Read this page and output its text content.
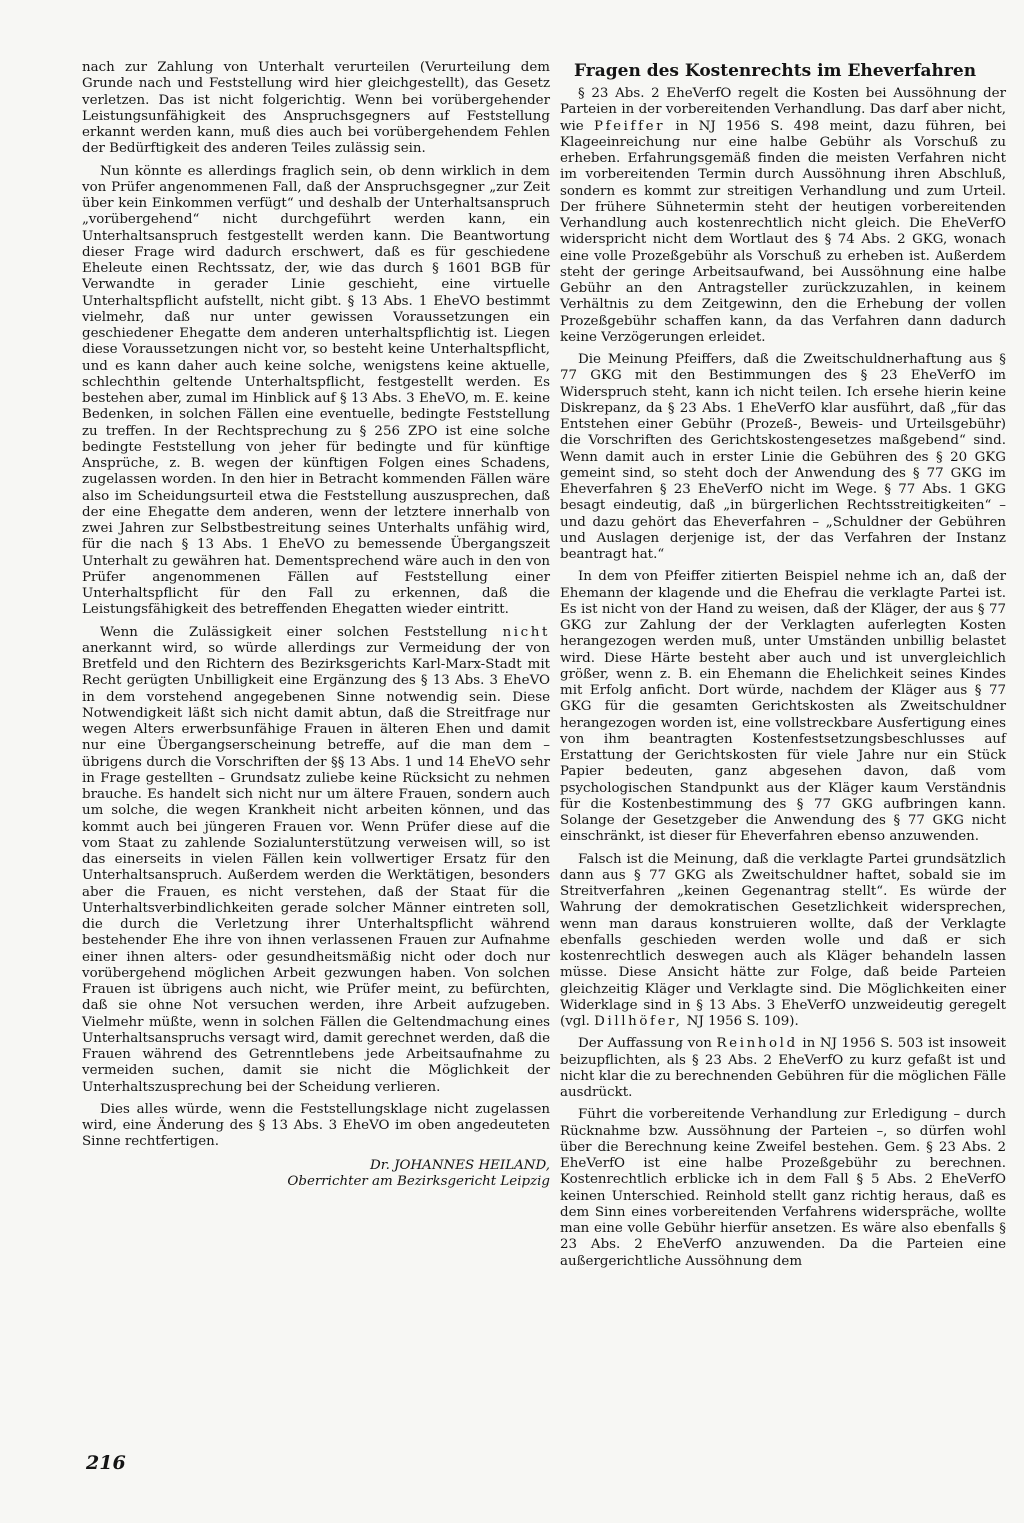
nach zur Zahlung von Unterhalt verurteilen (Verurteilung dem Grunde nach und Feststellung wird hier gleichgestellt), das Gesetz verletzen. Das ist nicht folgerichtig. Wenn bei vorübergehender Leistungsunfähigkeit des Anspruchsgegners auf Feststellung erkannt werden kann, muß dies auch bei vorübergehendem Fehlen der Bedürftigkeit des anderen Teiles zulässig sein.

Nun könnte es allerdings fraglich sein, ob denn wirklich in dem von Prüfer angenommenen Fall, daß der Anspruchsgegner „zur Zeit über kein Einkommen verfügt“ und deshalb der Unterhaltsanspruch „vorübergehend“ nicht durchgeführt werden kann, ein Unterhaltsanspruch festgestellt werden kann. Die Beantwortung dieser Frage wird dadurch erschwert, daß es für geschiedene Eheleute einen Rechtssatz, der, wie das durch § 1601 BGB für Verwandte in gerader Linie geschieht, eine virtuelle Unterhaltspflicht aufstellt, nicht gibt. § 13 Abs. 1 EheVO bestimmt vielmehr, daß nur unter gewissen Voraussetzungen ein geschiedener Ehegatte dem anderen unterhaltspflichtig ist. Liegen diese Voraussetzungen nicht vor, so besteht keine Unterhaltspflicht, und es kann daher auch keine solche, wenigstens keine aktuelle, schlechthin geltende Unterhaltspflicht, festgestellt werden. Es bestehen aber, zumal im Hinblick auf § 13 Abs. 3 EheVO, m. E. keine Bedenken, in solchen Fällen eine eventuelle, bedingte Feststellung zu treffen. In der Rechtsprechung zu § 256 ZPO ist eine solche bedingte Feststellung von jeher für bedingte und für künftige Ansprüche, z. B. wegen der künftigen Folgen eines Schadens, zugelassen worden. In den hier in Betracht kommenden Fällen wäre also im Scheidungsurteil etwa die Feststellung auszusprechen, daß der eine Ehegatte dem anderen, wenn der letztere innerhalb von zwei Jahren zur Selbstbestreitung seines Unterhalts unfähig wird, für die nach § 13 Abs. 1 EheVO zu bemessende Übergangszeit Unterhalt zu gewähren hat. Dementsprechend wäre auch in den von Prüfer angenommenen Fällen auf Feststellung einer Unterhaltspflicht für den Fall zu erkennen, daß die Leistungsfähigkeit des betreffenden Ehegatten wieder eintritt.

Wenn die Zulässigkeit einer solchen Feststellung nicht anerkannt wird, so würde allerdings zur Vermeidung der von Bretfeld und den Richtern des Bezirksgerichts Karl-Marx-Stadt mit Recht gerügten Unbilligkeit eine Ergänzung des § 13 Abs. 3 EheVO in dem vorstehend angegebenen Sinne notwendig sein. Diese Notwendigkeit läßt sich nicht damit abtun, daß die Streitfrage nur wegen Alters erwerbsunfähige Frauen in älteren Ehen und damit nur eine Übergangserscheinung betreffe, auf die man dem – übrigens durch die Vorschriften der §§ 13 Abs. 1 und 14 EheVO sehr in Frage gestellten – Grundsatz zuliebe keine Rücksicht zu nehmen brauche. Es handelt sich nicht nur um ältere Frauen, sondern auch um solche, die wegen Krankheit nicht arbeiten können, und das kommt auch bei jüngeren Frauen vor. Wenn Prüfer diese auf die vom Staat zu zahlende Sozialunterstützung verweisen will, so ist das einerseits in vielen Fällen kein vollwertiger Ersatz für den Unterhaltsanspruch. Außerdem werden die Werktätigen, besonders aber die Frauen, es nicht verstehen, daß der Staat für die Unterhaltsverbindlichkeiten gerade solcher Männer eintreten soll, die durch die Verletzung ihrer Unterhaltspflicht während bestehender Ehe ihre von ihnen verlassenen Frauen zur Aufnahme einer ihnen alters- oder gesundheitsmäßig nicht oder doch nur vorübergehend möglichen Arbeit gezwungen haben. Von solchen Frauen ist übrigens auch nicht, wie Prüfer meint, zu befürchten, daß sie ohne Not versuchen werden, ihre Arbeit aufzugeben. Vielmehr müßte, wenn in solchen Fällen die Geltendmachung eines Unterhaltsanspruchs versagt wird, damit gerechnet werden, daß die Frauen während des Getrenntlebens jede Arbeitsaufnahme zu vermeiden suchen, damit sie nicht die Möglichkeit der Unterhaltszusprechung bei der Scheidung verlieren.

Dies alles würde, wenn die Feststellungsklage nicht zugelassen wird, eine Änderung des § 13 Abs. 3 EheVO im oben angedeuteten Sinne rechtfertigen.

Dr. JOHANNES HEILAND,
Oberrichter am Bezirksgericht Leipzig
Fragen des Kostenrechts im Eheverfahren

§ 23 Abs. 2 EheVerfO regelt die Kosten bei Aussöhnung der Parteien in der vorbereitenden Verhandlung. Das darf aber nicht, wie Pfeiffer in NJ 1956 S. 498 meint, dazu führen, bei Klageeinreichung nur eine halbe Gebühr als Vorschuß zu erheben. Erfahrungsgemäß finden die meisten Verfahren nicht im vorbereitenden Termin durch Aussöhnung ihren Abschluß, sondern es kommt zur streitigen Verhandlung und zum Urteil. Der frühere Sühnetermin steht der heutigen vorbereitenden Verhandlung auch kostenrechtlich nicht gleich. Die EheVerfO widerspricht nicht dem Wortlaut des § 74 Abs. 2 GKG, wonach eine volle Prozeßgebühr als Vorschuß zu erheben ist. Außerdem steht der geringe Arbeitsaufwand, bei Aussöhnung eine halbe Gebühr an den Antragsteller zurückzuzahlen, in keinem Verhältnis zu dem Zeitgewinn, den die Erhebung der vollen Prozeßgebühr schaffen kann, da das Verfahren dann dadurch keine Verzögerungen erleidet.

Die Meinung Pfeiffers, daß die Zweitschuldnerhaftung aus § 77 GKG mit den Bestimmungen des § 23 EheVerfO im Widerspruch steht, kann ich nicht teilen. Ich ersehe hierin keine Diskrepanz, da § 23 Abs. 1 EheVerfO klar ausführt, daß „für das Entstehen einer Gebühr (Prozeß-, Beweis- und Urteilsgebühr) die Vorschriften des Gerichtskostengesetzes maßgebend“ sind. Wenn damit auch in erster Linie die Gebühren des § 20 GKG gemeint sind, so steht doch der Anwendung des § 77 GKG im Eheverfahren § 23 EheVerfO nicht im Wege. § 77 Abs. 1 GKG besagt eindeutig, daß „in bürgerlichen Rechtsstreitigkeiten“ – und dazu gehört das Eheverfahren – „Schuldner der Gebühren und Auslagen derjenige ist, der das Verfahren der Instanz beantragt hat.“

In dem von Pfeiffer zitierten Beispiel nehme ich an, daß der Ehemann der klagende und die Ehefrau die verklagte Partei ist. Es ist nicht von der Hand zu weisen, daß der Kläger, der aus § 77 GKG zur Zahlung der der Verklagten auferlegten Kosten herangezogen werden muß, unter Umständen unbillig belastet wird. Diese Härte besteht aber auch und ist unvergleichlich größer, wenn z. B. ein Ehemann die Ehelichkeit seines Kindes mit Erfolg anficht. Dort würde, nachdem der Kläger aus § 77 GKG für die gesamten Gerichtskosten als Zweitschuldner herangezogen worden ist, eine vollstreckbare Ausfertigung eines von ihm beantragten Kostenfestsetzungsbeschlusses auf Erstattung der Gerichtskosten für viele Jahre nur ein Stück Papier bedeuten, ganz abgesehen davon, daß vom psychologischen Standpunkt aus der Kläger kaum Verständnis für die Kostenbestimmung des § 77 GKG aufbringen kann. Solange der Gesetzgeber die Anwendung des § 77 GKG nicht einschränkt, ist dieser für Eheverfahren ebenso anzuwenden.

Falsch ist die Meinung, daß die verklagte Partei grundsätzlich dann aus § 77 GKG als Zweitschuldner haftet, sobald sie im Streitverfahren „keinen Gegenantrag stellt“. Es würde der Wahrung der demokratischen Gesetzlichkeit widersprechen, wenn man daraus konstruieren wollte, daß der Verklagte ebenfalls geschieden werden wolle und daß er sich kostenrechtlich deswegen auch als Kläger behandeln lassen müsse. Diese Ansicht hätte zur Folge, daß beide Parteien gleichzeitig Kläger und Verklagte sind. Die Möglichkeiten einer Widerklage sind in § 13 Abs. 3 EheVerfO unzweideutig geregelt (vgl. Dillhöfer, NJ 1956 S. 109).

Der Auffassung von Reinhold in NJ 1956 S. 503 ist insoweit beizupflichten, als § 23 Abs. 2 EheVerfO zu kurz gefaßt ist und nicht klar die zu berechnenden Gebühren für die möglichen Fälle ausdrückt.

Führt die vorbereitende Verhandlung zur Erledigung – durch Rücknahme bzw. Aussöhnung der Parteien –, so dürfen wohl über die Berechnung keine Zweifel bestehen. Gem. § 23 Abs. 2 EheVerfO ist eine halbe Prozeßgebühr zu berechnen. Kostenrechtlich erblicke ich in dem Fall § 5 Abs. 2 EheVerfO keinen Unterschied. Reinhold stellt ganz richtig heraus, daß es dem Sinn eines vorbereitenden Verfahrens widerspräche, wollte man eine volle Gebühr hierfür ansetzen. Es wäre also ebenfalls § 23 Abs. 2 EheVerfO anzuwenden. Da die Parteien eine außergerichtliche Aussöhnung dem

216
